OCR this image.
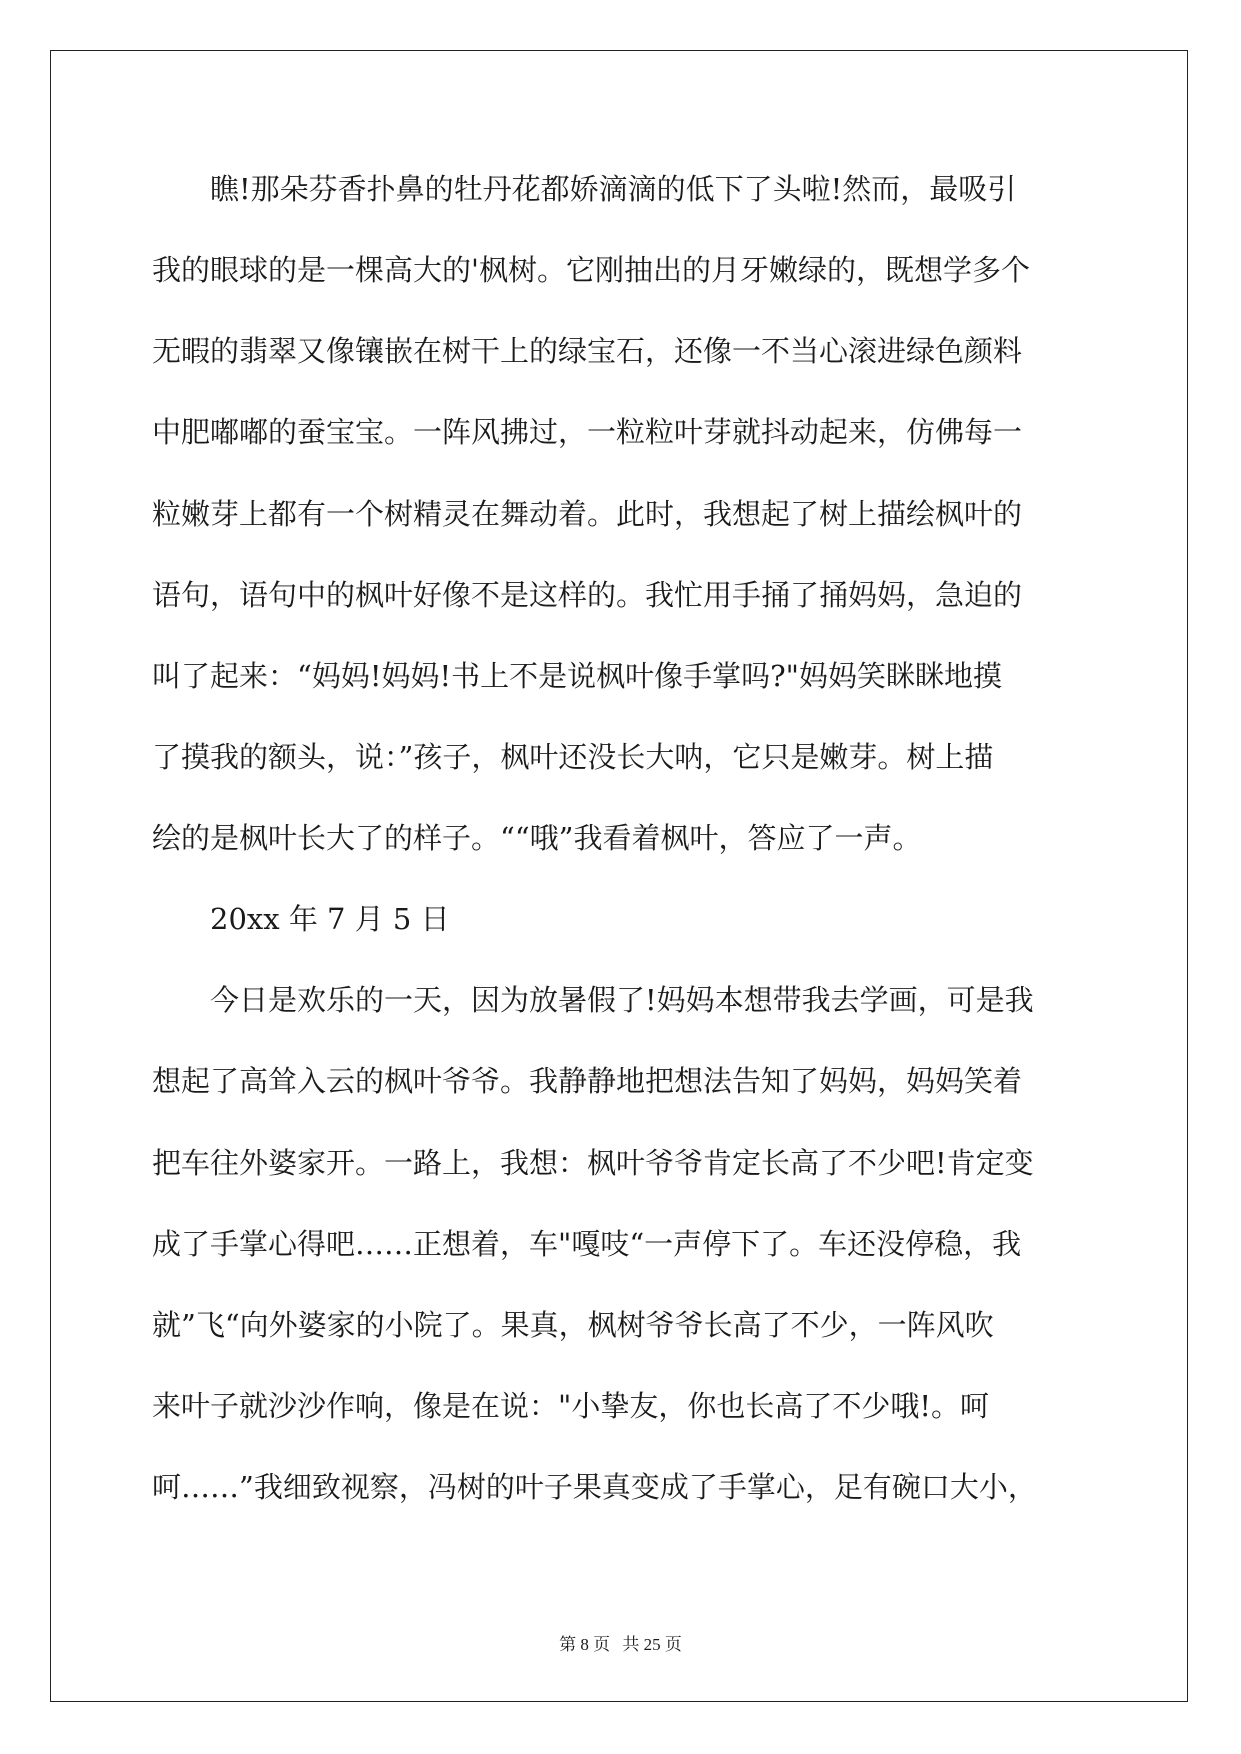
　　瞧!那朵芬香扑鼻的牡丹花都娇滴滴的低下了头啦!然而，最吸引
我的眼球的是一棵高大的'枫树。它刚抽出的月牙嫩绿的，既想学多个
无暇的翡翠又像镶嵌在树干上的绿宝石，还像一不当心滚进绿色颜料
中肥嘟嘟的蚕宝宝。一阵风拂过，一粒粒叶芽就抖动起来，仿佛每一
粒嫩芽上都有一个树精灵在舞动着。此时，我想起了树上描绘枫叶的
语句，语句中的枫叶好像不是这样的。我忙用手捅了捅妈妈，急迫的
叫了起来：“妈妈!妈妈!书上不是说枫叶像手掌吗?"妈妈笑眯眯地摸
了摸我的额头，说：”孩子，枫叶还没长大呐，它只是嫩芽。树上描
绘的是枫叶长大了的样子。““哦”我看着枫叶，答应了一声。
　　20xx 年 7 月 5 日
　　今日是欢乐的一天，因为放暑假了!妈妈本想带我去学画，可是我
想起了高耸入云的枫叶爷爷。我静静地把想法告知了妈妈，妈妈笑着
把车往外婆家开。一路上，我想：枫叶爷爷肯定长高了不少吧!肯定变
成了手掌心得吧……正想着，车"嘎吱“一声停下了。车还没停稳，我
就”飞“向外婆家的小院了。果真，枫树爷爷长高了不少，一阵风吹
来叶子就沙沙作响，像是在说："小挚友，你也长高了不少哦!。呵
呵……”我细致视察，冯树的叶子果真变成了手掌心，足有碗口大小，
第 8 页 共 25 页
